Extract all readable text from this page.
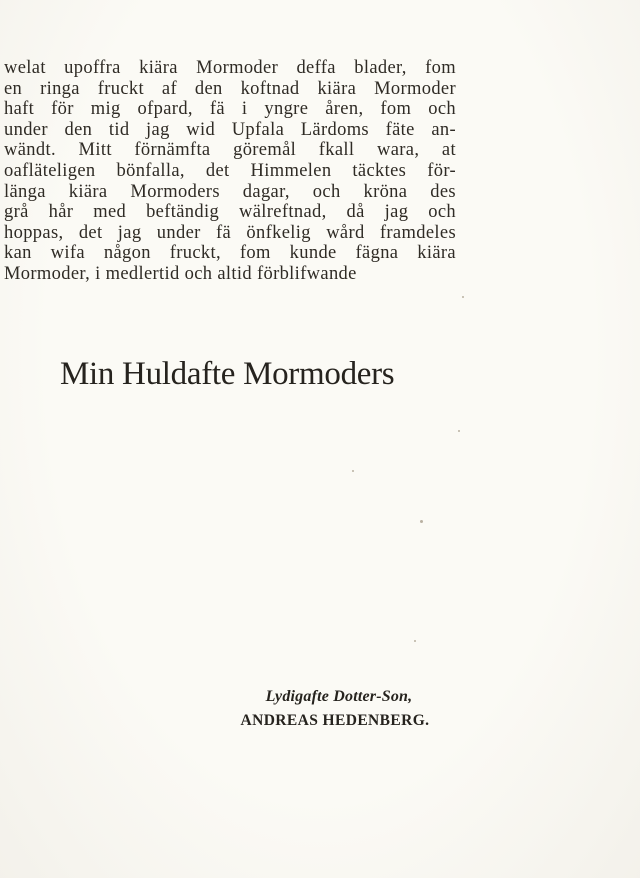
welat upoffra kiära Mormoder deffa blader, fom
en ringa fruckt af den koftnad kiära Mormoder
haft för mig ofpard, fä i yngre åren, fom och
under den tid jag wid Upfala Lärdoms fäte an-
wändt. Mitt förnämfta göremål fkall wara, at
oafläteligen bönfalla, det Himmelen täcktes för-
länga kiära Mormoders dagar, och kröna des
grå hår med beftändig wälreftnad, då jag och
hoppas, det jag under fä önfkelig wård framdeles
kan wifa någon fruckt, fom kunde fägna kiära
Mormoder, i medlertid och altid förblifwande
Min Huldafte Mormoders
Lydigafte Dotter-Son,
ANDREAS HEDENBERG.
